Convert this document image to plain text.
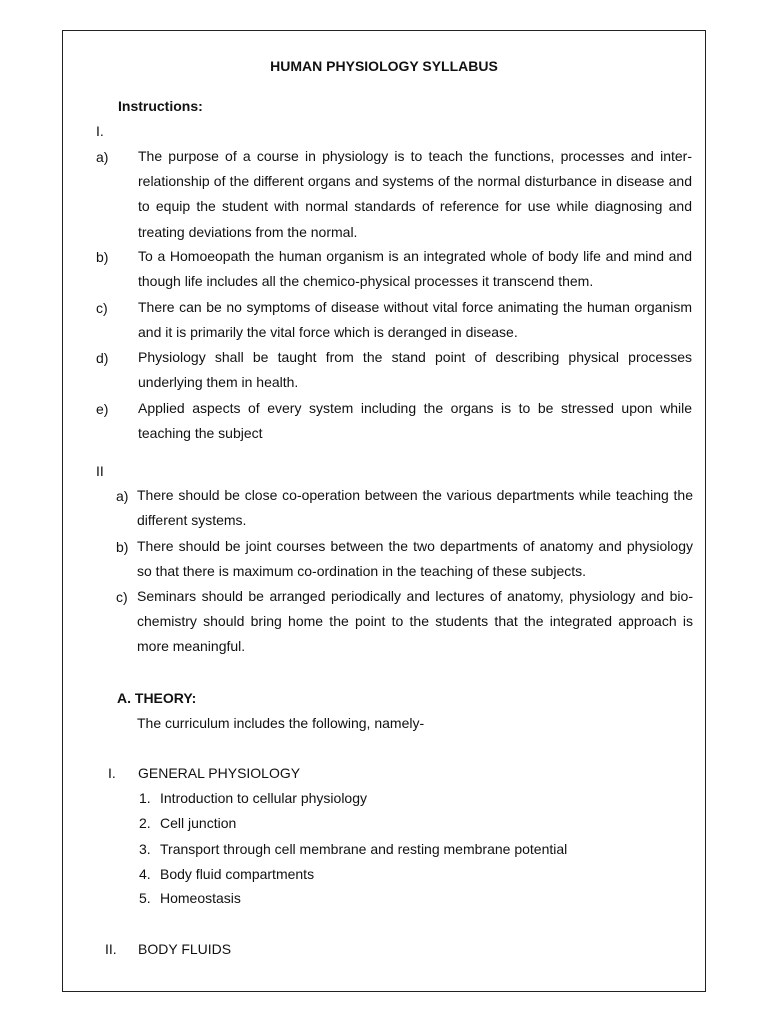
HUMAN PHYSIOLOGY SYLLABUS
Instructions:
I.
a) The purpose of a course in physiology is to teach the functions, processes and inter-relationship of the different organs and systems of the normal disturbance in disease and to equip the student with normal standards of reference for use while diagnosing and treating deviations from the normal.
b) To a Homoeopath the human organism is an integrated whole of body life and mind and though life includes all the chemico-physical processes it transcend them.
c) There can be no symptoms of disease without vital force animating the human organism and it is primarily the vital force which is deranged in disease.
d) Physiology shall be taught from the stand point of describing physical processes underlying them in health.
e) Applied aspects of every system including the organs is to be stressed upon while teaching the subject
II
a) There should be close co-operation between the various departments while teaching the different systems.
b) There should be joint courses between the two departments of anatomy and physiology so that there is maximum co-ordination in the teaching of these subjects.
c) Seminars should be arranged periodically and lectures of anatomy, physiology and bio-chemistry should bring home the point to the students that the integrated approach is more meaningful.
A. THEORY:
The curriculum includes the following, namely-
I. GENERAL PHYSIOLOGY
1. Introduction to cellular physiology
2. Cell junction
3. Transport through cell membrane and resting membrane potential
4. Body fluid compartments
5. Homeostasis
II. BODY FLUIDS
